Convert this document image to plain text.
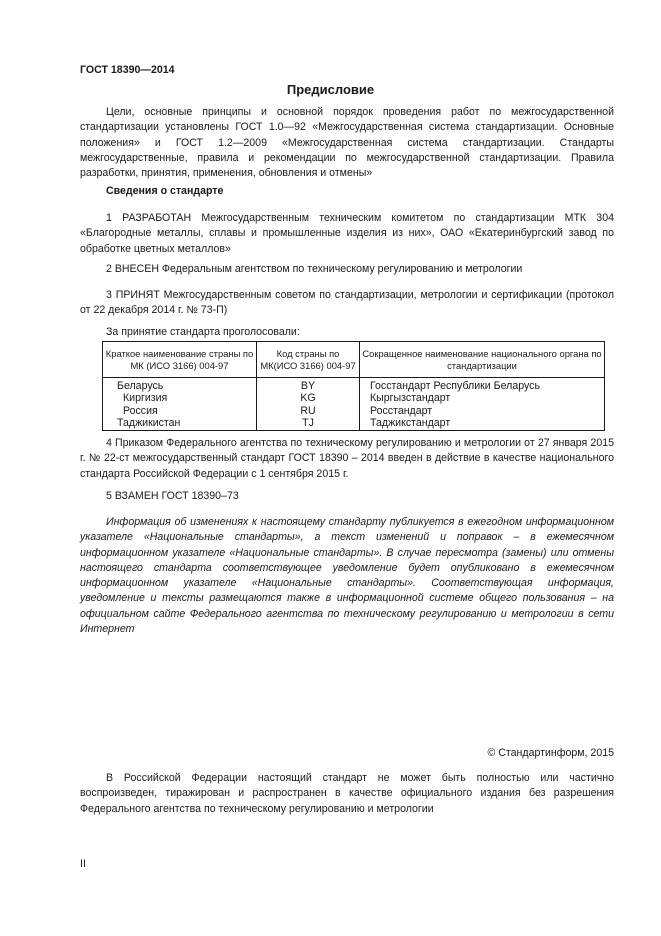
ГОСТ 18390—2014
Предисловие

Цели, основные принципы и основной порядок проведения работ по межгосударственной стандартизации установлены ГОСТ 1.0—92 «Межгосударственная система стандартизации. Основные положения» и ГОСТ 1.2—2009 «Межгосударственная система стандартизации. Стандарты межгосударственные, правила и рекомендации по межгосударственной стандартизации. Правила разработки, принятия, применения, обновления и отмены»

Сведения о стандарте

1 РАЗРАБОТАН Межгосударственным техническим комитетом по стандартизации МТК 304 «Благородные металлы, сплавы и промышленные изделия из них», ОАО «Екатеринбургский завод по обработке цветных металлов»

2 ВНЕСЕН Федеральным агентством по техническому регулированию и метрологии

3 ПРИНЯТ Межгосударственным советом по стандартизации, метрологии и сертификации (протокол от 22 декабря 2014 г. № 73-П)

За принятие стандарта проголосовали:
Краткое наименование страны по МК (ИСО 3166) 004-97	Код страны по МК(ИСО 3166) 004-97	Сокращенное наименование национального органа по стандартизации
Беларусь	BY	Госстандарт Республики Беларусь
Киргизия	KG	Кыргызстандарт
Россия	RU	Росстандарт
Таджикистан	TJ	Таджикстандарт

4 Приказом Федерального агентства по техническому регулированию и метрологии от 27 января 2015 г. № 22-ст межгосударственный стандарт ГОСТ 18390 – 2014 введен в действие в качестве национального стандарта Российской Федерации с 1 сентября 2015 г.

5 ВЗАМЕН ГОСТ 18390–73

Информация об изменениях к настоящему стандарту публикуется в ежегодном информационном указателе «Национальные стандарты», а текст изменений и поправок – в ежемесячном информационном указателе «Национальные стандарты». В случае пересмотра (замены) или отмены настоящего стандарта соответствующее уведомление будет опубликовано в ежемесячном информационном указателе «Национальные стандарты». Соответствующая информация, уведомление и тексты размещаются также в информационной системе общего пользования – на официальном сайте Федерального агентства по техническому регулированию и метрологии в сети Интернет

© Стандартинформ, 2015

В Российской Федерации настоящий стандарт не может быть полностью или частично воспроизведен, тиражирован и распространен в качестве официального издания без разрешения Федерального агентства по техническому регулированию и метрологии

II
